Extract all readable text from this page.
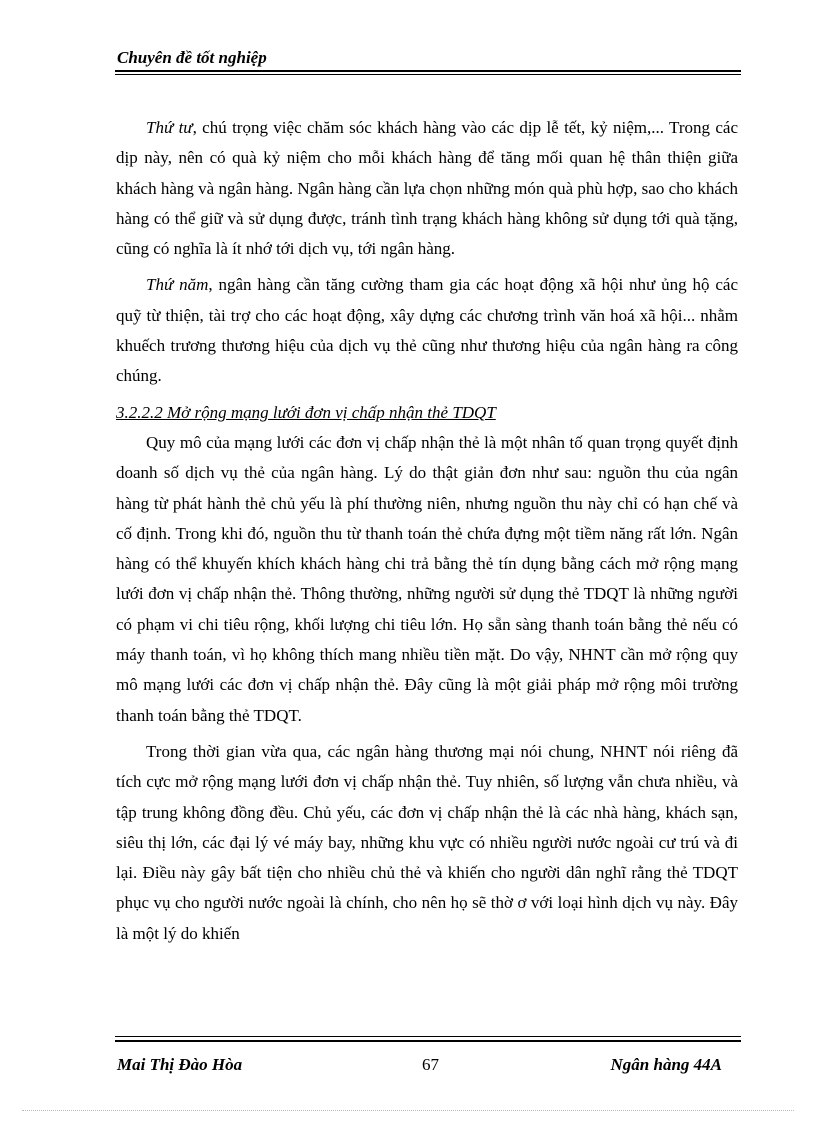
Chuyên đề tốt nghiệp

Thứ tư, chú trọng việc chăm sóc khách hàng vào các dịp lễ tết, kỷ niệm,... Trong các dịp này, nên có quà kỷ niệm cho mỗi khách hàng để tăng mối quan hệ thân thiện giữa khách hàng và ngân hàng. Ngân hàng cần lựa chọn những món quà phù hợp, sao cho khách hàng có thể giữ và sử dụng được, tránh tình trạng khách hàng không sử dụng tới quà tặng, cũng có nghĩa là ít nhớ tới dịch vụ, tới ngân hàng.

Thứ năm, ngân hàng cần tăng cường tham gia các hoạt động xã hội như ủng hộ các quỹ từ thiện, tài trợ cho các hoạt động, xây dựng các chương trình văn hoá xã hội... nhằm khuếch trương thương hiệu của dịch vụ thẻ cũng như thương hiệu của ngân hàng ra công chúng.

3.2.2.2 Mở rộng mạng lưới đơn vị chấp nhận thẻ TDQT

Quy mô của mạng lưới các đơn vị chấp nhận thẻ là một nhân tố quan trọng quyết định doanh số dịch vụ thẻ của ngân hàng. Lý do thật giản đơn như sau: nguồn thu của ngân hàng từ phát hành thẻ chủ yếu là phí thường niên, nhưng nguồn thu này chỉ có hạn chế và cố định. Trong khi đó, nguồn thu từ thanh toán thẻ chứa đựng một tiềm năng rất lớn. Ngân hàng có thể khuyến khích khách hàng chi trả bằng thẻ tín dụng bằng cách mở rộng mạng lưới đơn vị chấp nhận thẻ. Thông thường, những người sử dụng thẻ TDQT là những người có phạm vi chi tiêu rộng, khối lượng chi tiêu lớn. Họ sẵn sàng thanh toán bằng thẻ nếu có máy thanh toán, vì họ không thích mang nhiều tiền mặt. Do vậy, NHNT cần mở rộng quy mô mạng lưới các đơn vị chấp nhận thẻ. Đây cũng là một giải pháp mở rộng môi trường thanh toán bằng thẻ TDQT.

Trong thời gian vừa qua, các ngân hàng thương mại nói chung, NHNT nói riêng đã tích cực mở rộng mạng lưới đơn vị chấp nhận thẻ. Tuy nhiên, số lượng vẫn chưa nhiều, và tập trung không đồng đều. Chủ yếu, các đơn vị chấp nhận thẻ là các nhà hàng, khách sạn, siêu thị lớn, các đại lý vé máy bay, những khu vực có nhiều người nước ngoài cư trú và đi lại. Điều này gây bất tiện cho nhiều chủ thẻ và khiến cho người dân nghĩ rằng thẻ TDQT phục vụ cho người nước ngoài là chính, cho nên họ sẽ thờ ơ với loại hình dịch vụ này. Đây là một lý do khiến

Mai Thị Đào Hòa	67	Ngân hàng 44A
